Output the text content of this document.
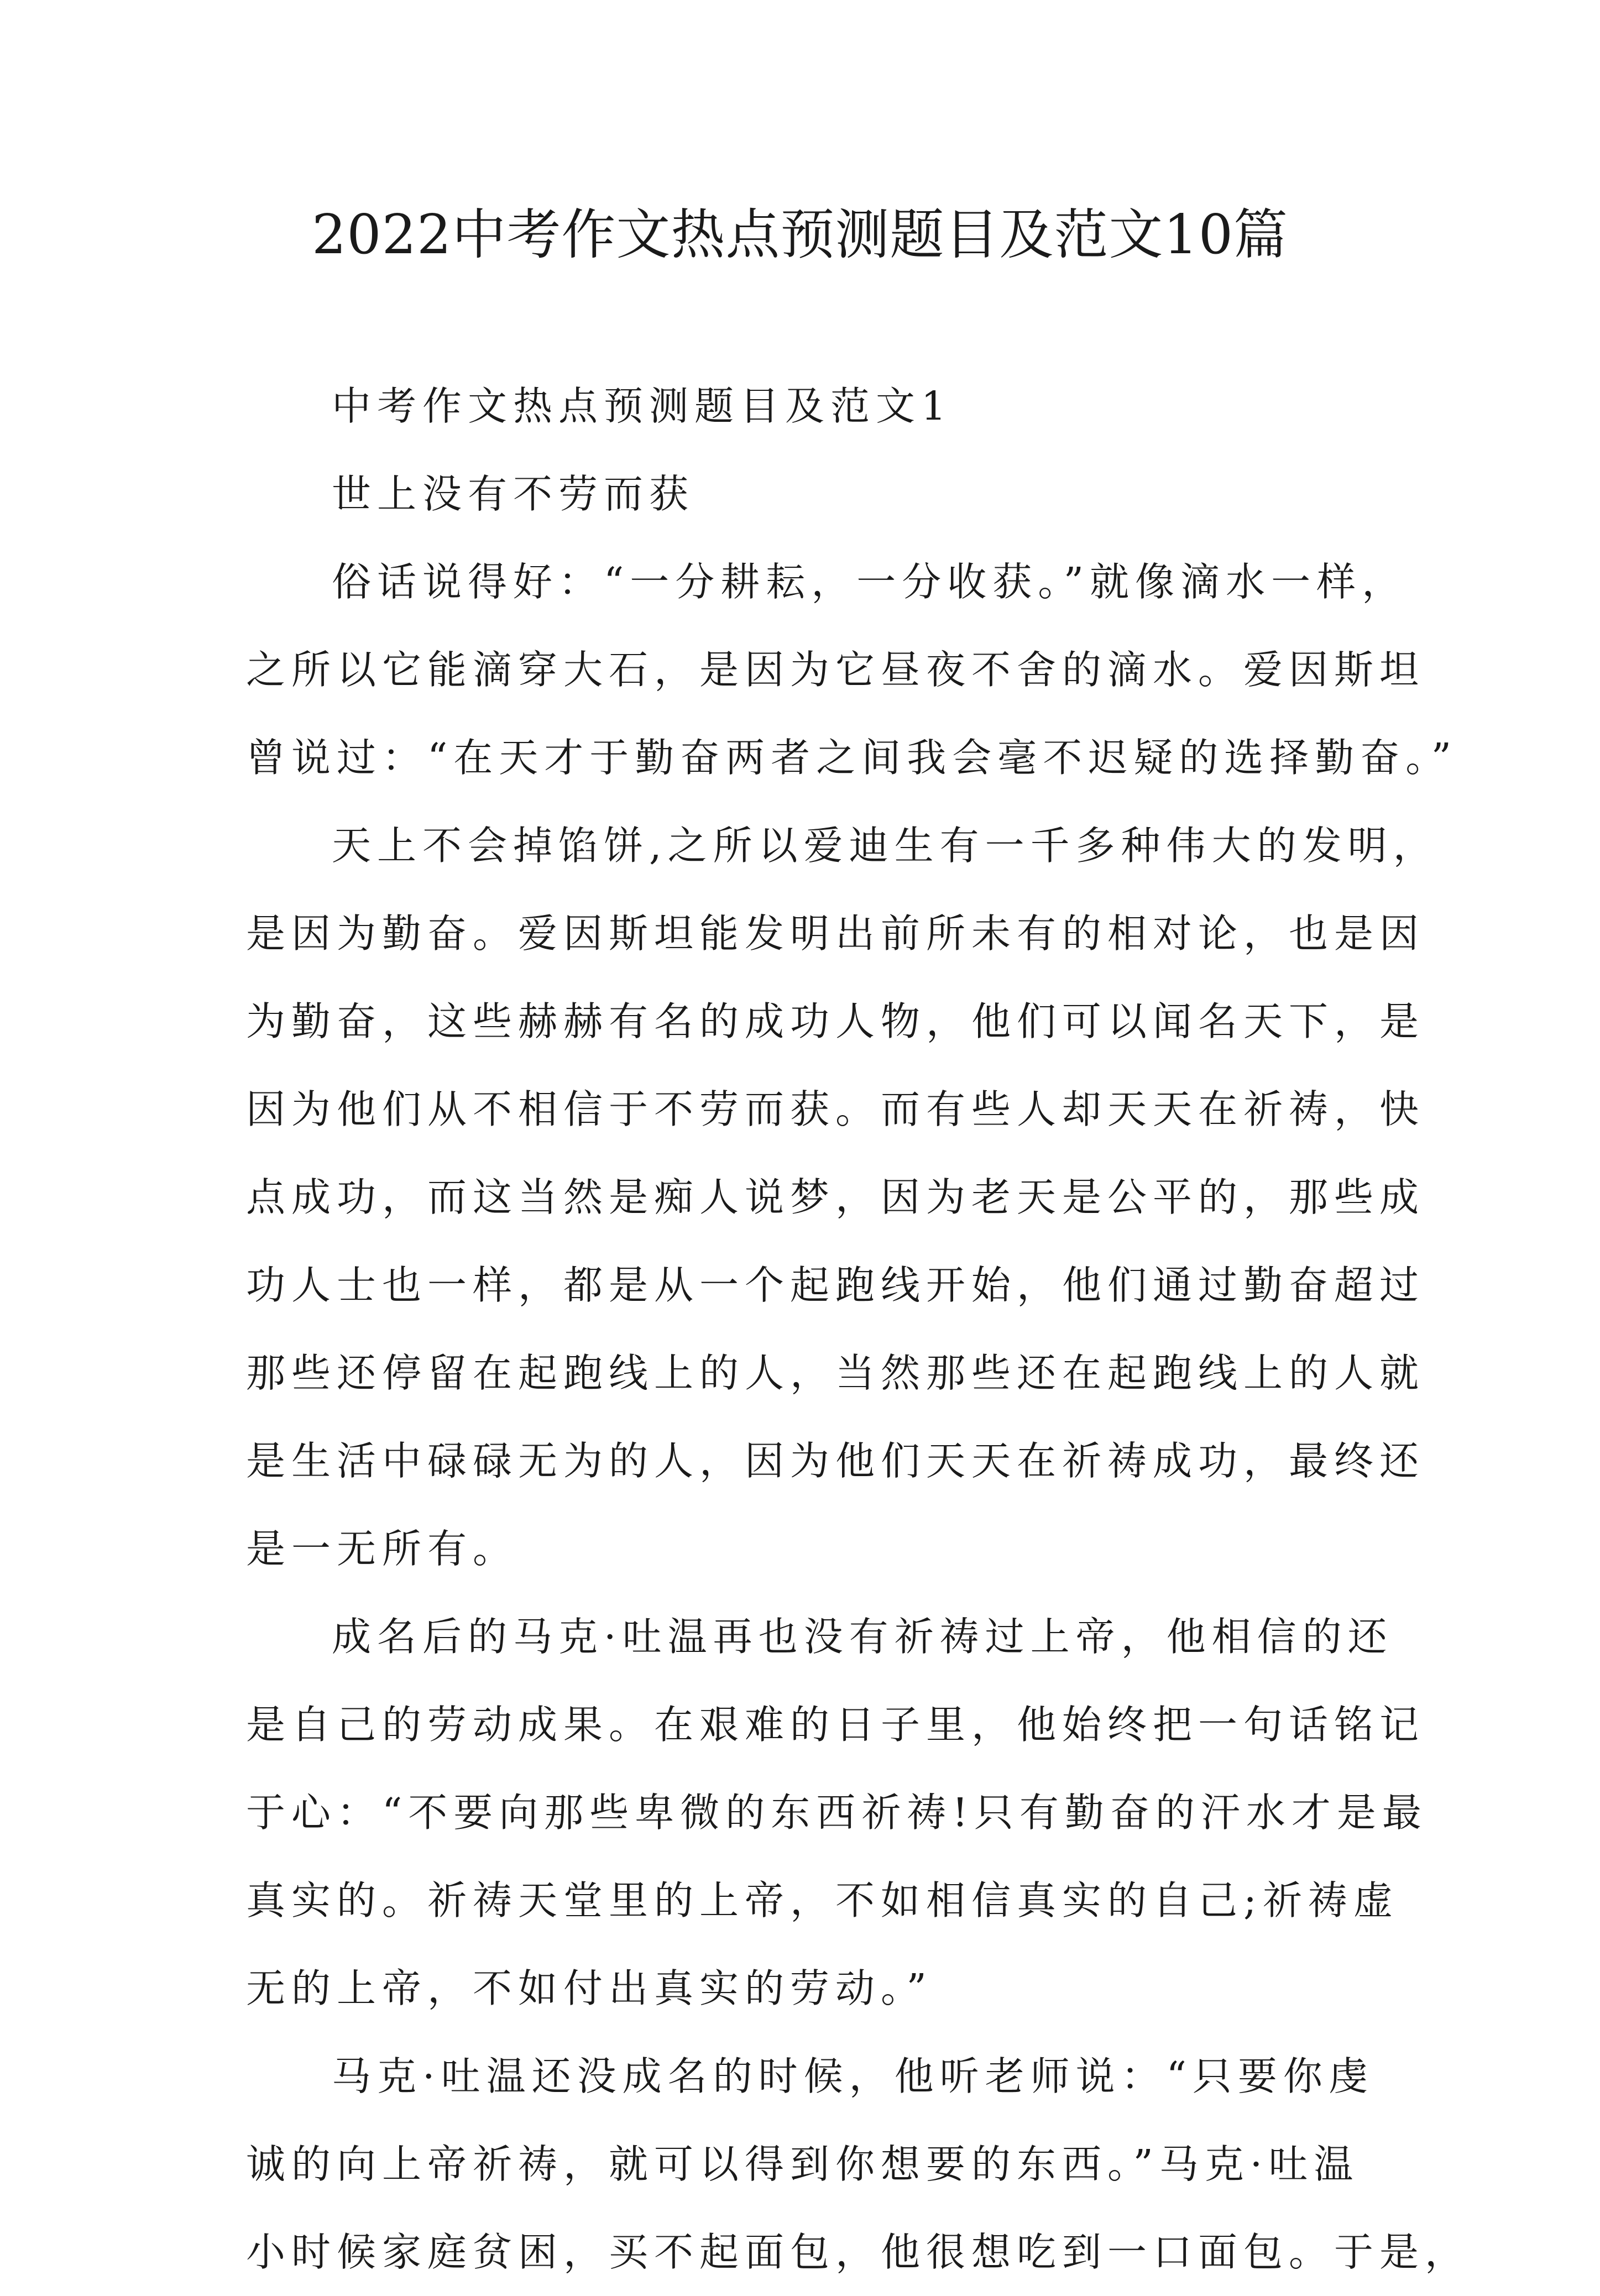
2022中考作文热点预测题目及范文10篇
中考作文热点预测题目及范文1
世上没有不劳而获
俗话说得好：“一分耕耘，一分收获。”就像滴水一样，
之所以它能滴穿大石，是因为它昼夜不舍的滴水。爱因斯坦
曾说过：“在天才于勤奋两者之间我会毫不迟疑的选择勤奋。”
天上不会掉馅饼,之所以爱迪生有一千多种伟大的发明，
是因为勤奋。爱因斯坦能发明出前所未有的相对论，也是因
为勤奋，这些赫赫有名的成功人物，他们可以闻名天下，是
因为他们从不相信于不劳而获。而有些人却天天在祈祷，快
点成功，而这当然是痴人说梦，因为老天是公平的，那些成
功人士也一样，都是从一个起跑线开始，他们通过勤奋超过
那些还停留在起跑线上的人，当然那些还在起跑线上的人就
是生活中碌碌无为的人，因为他们天天在祈祷成功，最终还
是一无所有。
成名后的马克·吐温再也没有祈祷过上帝，他相信的还
是自己的劳动成果。在艰难的日子里，他始终把一句话铭记
于心：“不要向那些卑微的东西祈祷!只有勤奋的汗水才是最
真实的。祈祷天堂里的上帝，不如相信真实的自己;祈祷虚
无的上帝，不如付出真实的劳动。”
马克·吐温还没成名的时候，他听老师说：“只要你虔
诚的向上帝祈祷，就可以得到你想要的东西。”马克·吐温
小时候家庭贫困，买不起面包，他很想吃到一口面包。于是，
